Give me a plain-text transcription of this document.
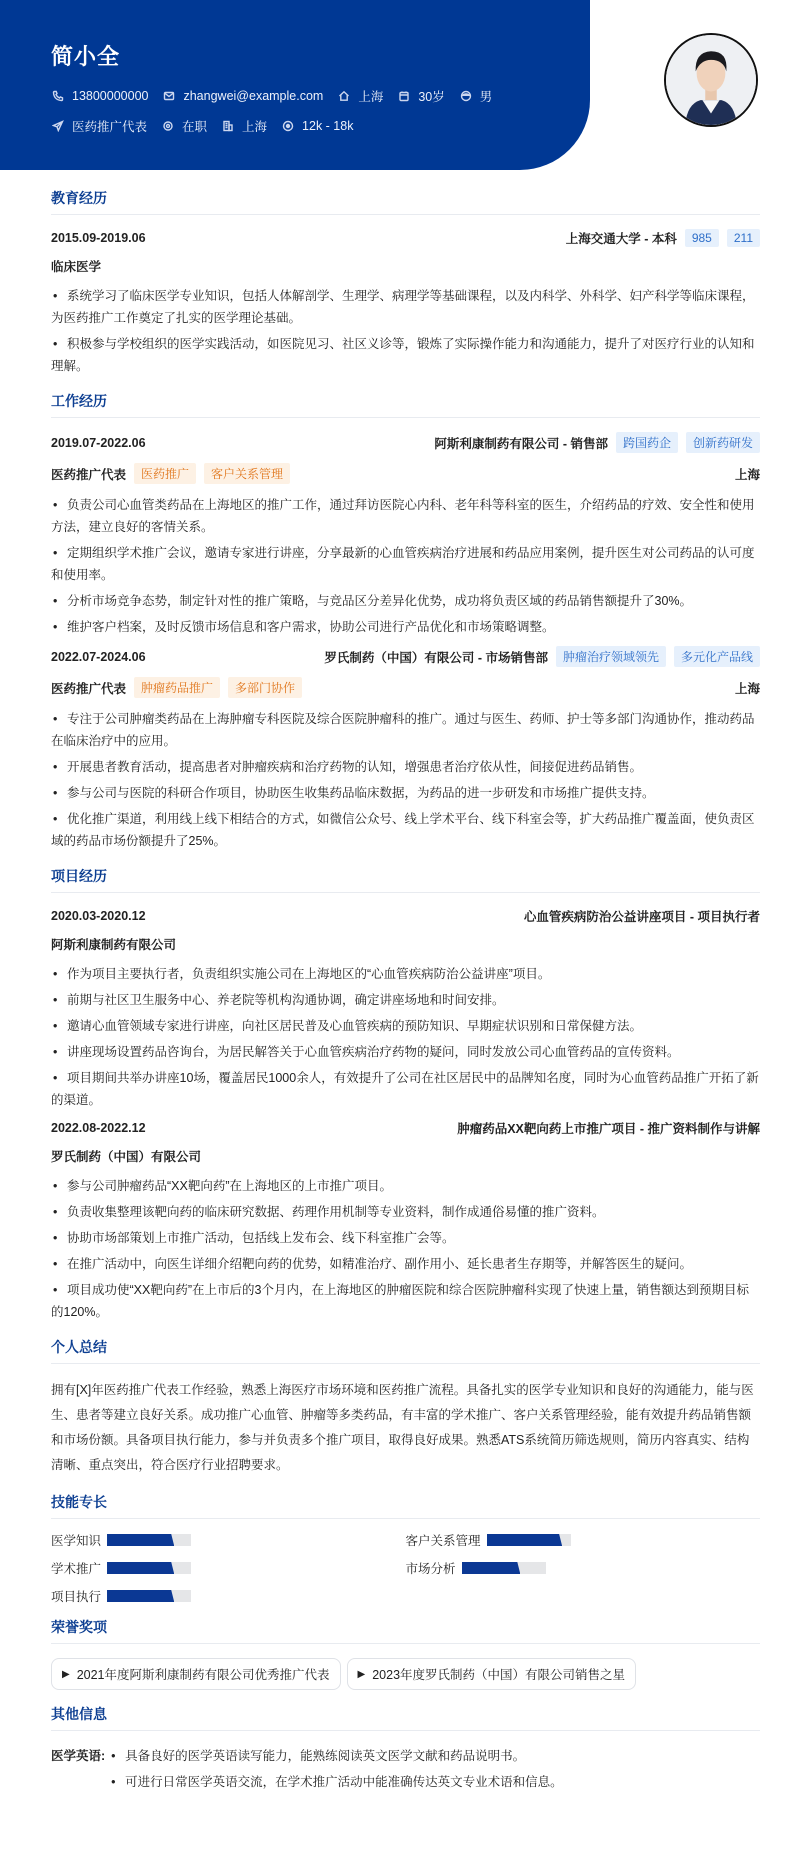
简小全
13800000000	zhangwei@example.com	上海	30岁	男
医药推广代表	在职	上海	12k - 18k
教育经历
2015.09-2019.06	上海交通大学 - 本科	985	211
临床医学
• 系统学习了临床医学专业知识，包括人体解剖学、生理学、病理学等基础课程，以及内科学、外科学、妇产科学等临床课程，为医药推广工作奠定了扎实的医学理论基础。
• 积极参与学校组织的医学实践活动，如医院见习、社区义诊等，锻炼了实际操作能力和沟通能力，提升了对医疗行业的认知和理解。
工作经历
2019.07-2022.06	阿斯利康制药有限公司 - 销售部	跨国药企	创新药研发
医药推广代表	医药推广	客户关系管理	上海
• 负责公司心血管类药品在上海地区的推广工作，通过拜访医院心内科、老年科等科室的医生，介绍药品的疗效、安全性和使用方法，建立良好的客情关系。
• 定期组织学术推广会议，邀请专家进行讲座，分享最新的心血管疾病治疗进展和药品应用案例，提升医生对公司药品的认可度和使用率。
• 分析市场竞争态势，制定针对性的推广策略，与竞品区分差异化优势，成功将负责区域的药品销售额提升了30%。
• 维护客户档案，及时反馈市场信息和客户需求，协助公司进行产品优化和市场策略调整。
2022.07-2024.06	罗氏制药（中国）有限公司 - 市场销售部	肿瘤治疗领域领先	多元化产品线
医药推广代表	肿瘤药品推广	多部门协作	上海
• 专注于公司肿瘤类药品在上海肿瘤专科医院及综合医院肿瘤科的推广。通过与医生、药师、护士等多部门沟通协作，推动药品在临床治疗中的应用。
• 开展患者教育活动，提高患者对肿瘤疾病和治疗药物的认知，增强患者治疗依从性，间接促进药品销售。
• 参与公司与医院的科研合作项目，协助医生收集药品临床数据，为药品的进一步研发和市场推广提供支持。
• 优化推广渠道，利用线上线下相结合的方式，如微信公众号、线上学术平台、线下科室会等，扩大药品推广覆盖面，使负责区域的药品市场份额提升了25%。
项目经历
2020.03-2020.12	心血管疾病防治公益讲座项目 - 项目执行者
阿斯利康制药有限公司
• 作为项目主要执行者，负责组织实施公司在上海地区的“心血管疾病防治公益讲座”项目。
• 前期与社区卫生服务中心、养老院等机构沟通协调，确定讲座场地和时间安排。
• 邀请心血管领域专家进行讲座，向社区居民普及心血管疾病的预防知识、早期症状识别和日常保健方法。
• 讲座现场设置药品咨询台，为居民解答关于心血管疾病治疗药物的疑问，同时发放公司心血管药品的宣传资料。
• 项目期间共举办讲座10场，覆盖居民1000余人，有效提升了公司在社区居民中的品牌知名度，同时为心血管药品推广开拓了新的渠道。
2022.08-2022.12	肿瘤药品XX靶向药上市推广项目 - 推广资料制作与讲解
罗氏制药（中国）有限公司
• 参与公司肿瘤药品“XX靶向药”在上海地区的上市推广项目。
• 负责收集整理该靶向药的临床研究数据、药理作用机制等专业资料，制作成通俗易懂的推广资料。
• 协助市场部策划上市推广活动，包括线上发布会、线下科室推广会等。
• 在推广活动中，向医生详细介绍靶向药的优势，如精准治疗、副作用小、延长患者生存期等，并解答医生的疑问。
• 项目成功使“XX靶向药”在上市后的3个月内，在上海地区的肿瘤医院和综合医院肿瘤科实现了快速上量，销售额达到预期目标的120%。
个人总结

拥有[X]年医药推广代表工作经验，熟悉上海医疗市场环境和医药推广流程。具备扎实的医学专业知识和良好的沟通能力，能与医生、患者等建立良好关系。成功推广心血管、肿瘤等多类药品，有丰富的学术推广、客户关系管理经验，能有效提升药品销售额和市场份额。具备项目执行能力，参与并负责多个推广项目，取得良好成果。熟悉ATS系统简历筛选规则，简历内容真实、结构清晰、重点突出，符合医疗行业招聘要求。

技能专长
医学知识	客户关系管理
学术推广	市场分析
项目执行
荣誉奖项
▶ 2021年度阿斯利康制药有限公司优秀推广代表	▶ 2023年度罗氏制药（中国）有限公司销售之星
其他信息
医学英语:	• 具备良好的医学英语读写能力，能熟练阅读英文医学文献和药品说明书。
• 可进行日常医学英语交流，在学术推广活动中能准确传达英文专业术语和信息。
